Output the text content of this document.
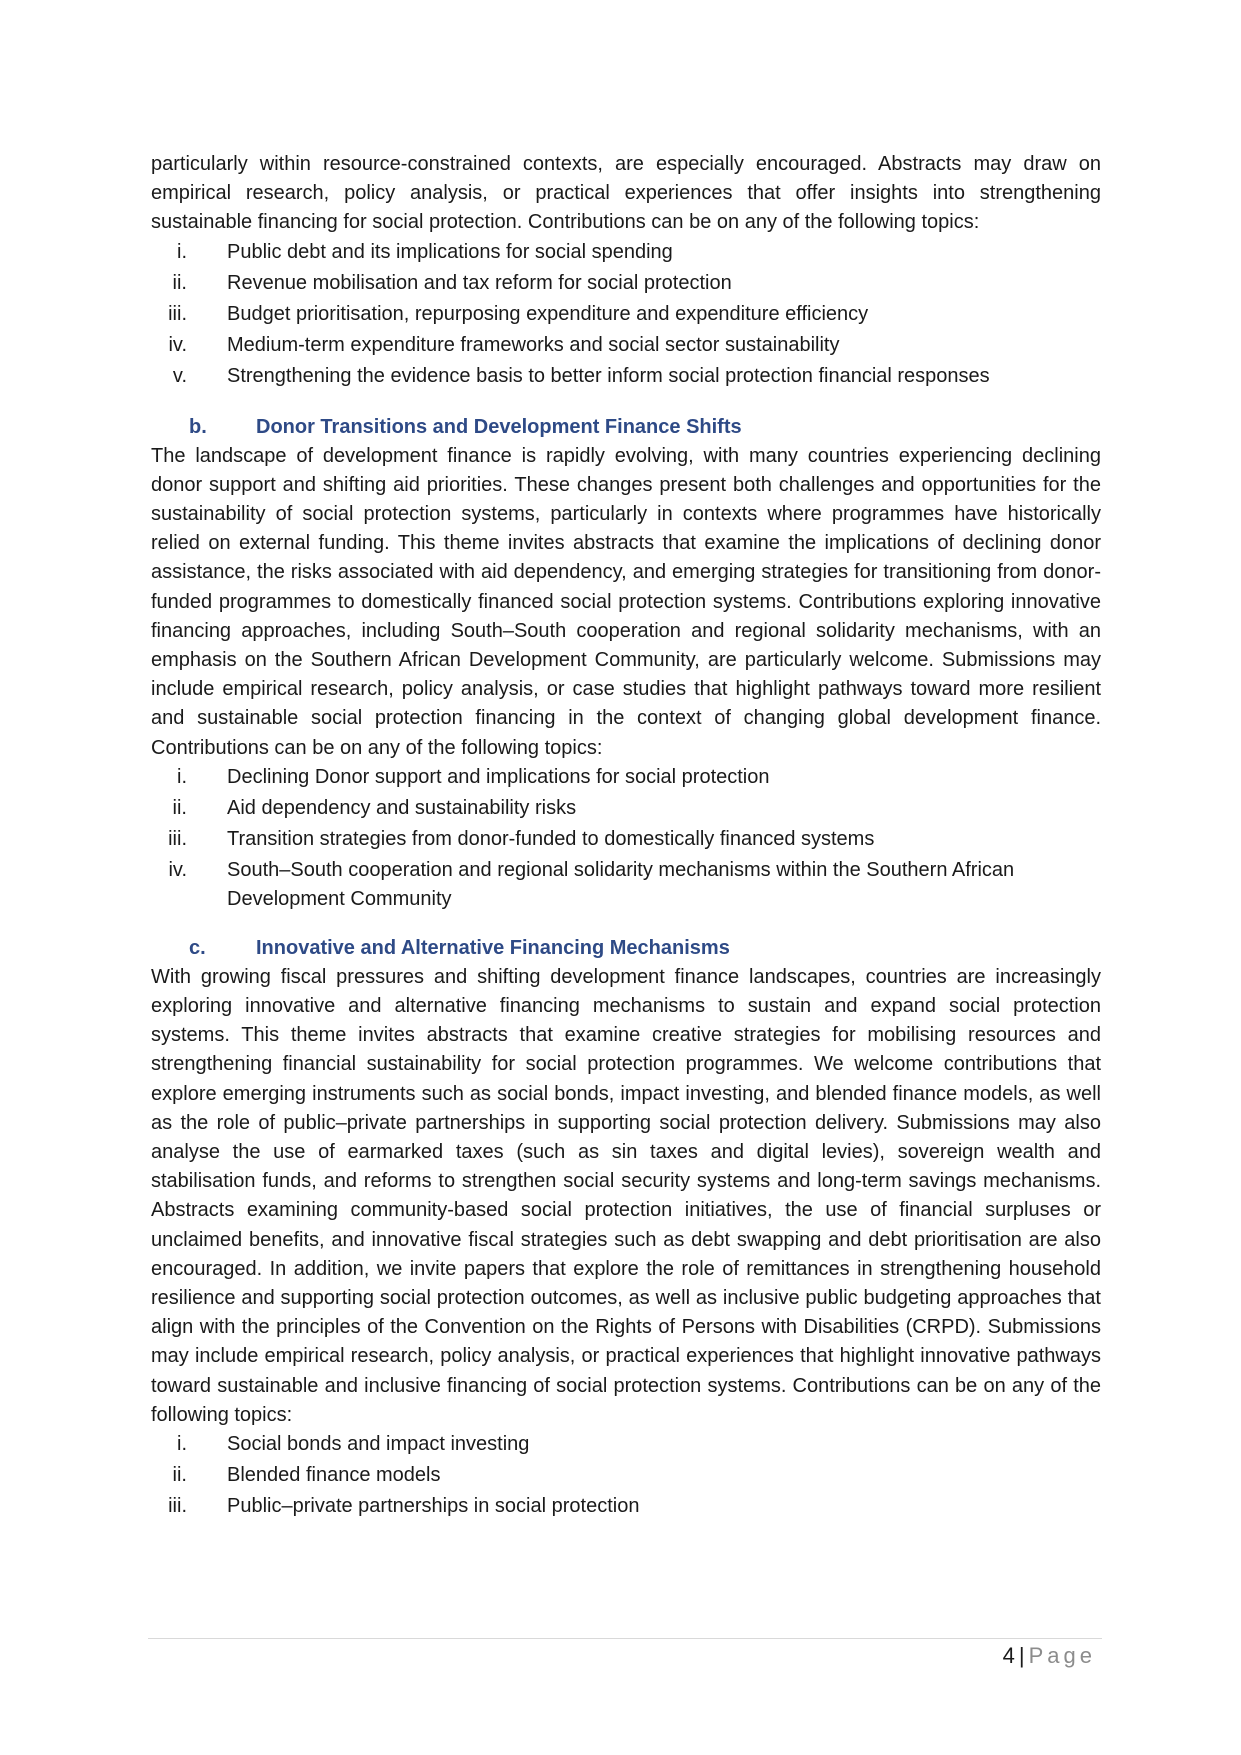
particularly within resource-constrained contexts, are especially encouraged. Abstracts may draw on empirical research, policy analysis, or practical experiences that offer insights into strengthening sustainable financing for social protection. Contributions can be on any of the following topics:

i. Public debt and its implications for social spending
ii. Revenue mobilisation and tax reform for social protection
iii. Budget prioritisation, repurposing expenditure and expenditure efficiency
iv. Medium-term expenditure frameworks and social sector sustainability
v. Strengthening the evidence basis to better inform social protection financial responses
b. Donor Transitions and Development Finance Shifts

The landscape of development finance is rapidly evolving, with many countries experiencing declining donor support and shifting aid priorities. These changes present both challenges and opportunities for the sustainability of social protection systems, particularly in contexts where programmes have historically relied on external funding. This theme invites abstracts that examine the implications of declining donor assistance, the risks associated with aid dependency, and emerging strategies for transitioning from donor-funded programmes to domestically financed social protection systems. Contributions exploring innovative financing approaches, including South–South cooperation and regional solidarity mechanisms, with an emphasis on the Southern African Development Community, are particularly welcome. Submissions may include empirical research, policy analysis, or case studies that highlight pathways toward more resilient and sustainable social protection financing in the context of changing global development finance. Contributions can be on any of the following topics:

i. Declining Donor support and implications for social protection
ii. Aid dependency and sustainability risks
iii. Transition strategies from donor-funded to domestically financed systems
iv. South–South cooperation and regional solidarity mechanisms within the Southern African Development Community
c.	Innovative and Alternative Financing Mechanisms

With growing fiscal pressures and shifting development finance landscapes, countries are increasingly exploring innovative and alternative financing mechanisms to sustain and expand social protection systems. This theme invites abstracts that examine creative strategies for mobilising resources and strengthening financial sustainability for social protection programmes. We welcome contributions that explore emerging instruments such as social bonds, impact investing, and blended finance models, as well as the role of public–private partnerships in supporting social protection delivery. Submissions may also analyse the use of earmarked taxes (such as sin taxes and digital levies), sovereign wealth and stabilisation funds, and reforms to strengthen social security systems and long-term savings mechanisms. Abstracts examining community-based social protection initiatives, the use of financial surpluses or unclaimed benefits, and innovative fiscal strategies such as debt swapping and debt prioritisation are also encouraged. In addition, we invite papers that explore the role of remittances in strengthening household resilience and supporting social protection outcomes, as well as inclusive public budgeting approaches that align with the principles of the Convention on the Rights of Persons with Disabilities (CRPD). Submissions may include empirical research, policy analysis, or practical experiences that highlight innovative pathways toward sustainable and inclusive financing of social protection systems. Contributions can be on any of the following topics:

i. Social bonds and impact investing
ii. Blended finance models
iii. Public–private partnerships in social protection
4 | Page
